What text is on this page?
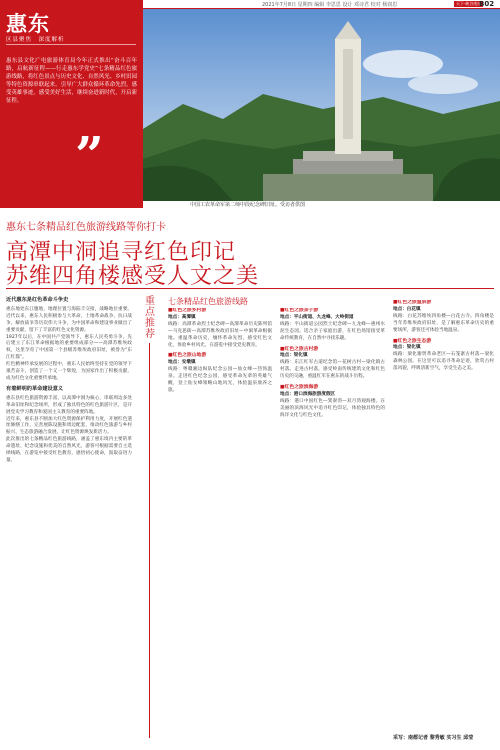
2021年7月8日 星期四 编辑 李思思 设计 邓诗君 校对 杨润思	天下·峡谷南部
B02
惠东
区县聚焦　深度解析
惠东县文化广电旅游体育局今年正式推出“奋斗百年路，启航新征程——行走惠东学党史”七条精品红色旅游线路，将红色景点与历史文化、自然风光、乡村田园等特色资源串联起来，引导广大群众循环革命先烈，感受英雄事迹，感受美好生活，继续奋进新时代，开启新征程。
”
中国工农革命军第二师中段纪念碑旧址。受访者供图
惠东七条精品红色旅游线路等你打卡
高潭中洞追寻红色印记
苏维四角楼感受人文之美
近代惠东是红色革命斗争史

惠东地处东江腹地，地理位置与海陆丰交接，战略地位重要。近代以来，惠东人民积极参与大革命、土地革命战争、抗日战争、解放战争等历次伟大斗争，为中国革命和建设事业做出了重要贡献，留下了丰富的红色文化资源。

1927年以后，在中国共产党领导下，惠东人民英勇斗争，先后建立了东江革命根据地的重要组成部分——高潭苏维埃政权，这里孕育了中国第一个县级苏维埃政府旧址，被誉为“东江红都”。

红色精神传承发展的过程中，惠东人民始终坚持在党的领导下艰苦奋斗，创造了一个又一个辉煌，为国家作出了积极贡献，成为红色文化重要传承地。

有着鲜明的革命建设意义

惠东县红色旅游资源丰富，以高潭中洞为核心，串联周边多处革命旧址和纪念场所，形成了独具特色的红色旅游片区，是开展党史学习教育和爱国主义教育的重要阵地。

近年来，惠东县不断加大红色资源保护利用力度，开展红色遗址修缮工作，完善展陈设施和周边配套，推动红色旅游与乡村振兴、生态旅游融合发展，让红色资源焕发新活力。

此次推出的七条精品红色旅游线路，涵盖了惠东境内主要的革命遗址、纪念设施和优美的自然风光，游客可根据需要自主选择线路，在游览中接受红色教育，感悟初心使命，汲取奋进力量。

重点推荐
七条精品红色旅游线路
■红色之旅乡村游
地点：高潭镇
线路：高潭革命烈士纪念碑—高潭革命历史陈列馆—马克思街—高潭苏维埃政府旧址—中洞革命根据地。重温革命历史，缅怀革命先烈，感受红色文化，体验乡村风光，在游览中接受党史教育。
■红色之旅山地游
地点：安墩镇
线路：粤赣湘边纵队纪念公园—仙女峰—热汤温泉。走进红色纪念公园，感受革命先辈的英雄气概，登上仙女峰领略山地风光，体验温泉康养之旅。
■红色之旅亲子游
地点：平山街道、九龙峰、大岭街道
线路：平山街道公园烈士纪念碑—九龙峰—惠州水泥生态园。适合亲子家庭出游，在红色场馆接受革命传统教育，在自然中寻找乐趣。
■红色之旅古村游
地点：梁化镇
线路：东江红军古道纪念馆—花树古村—梁化镇古村落。走进古村落，感受岭南传统建筑文化和红色历史的交融，重温红军在惠东的战斗历程。
■红色之旅滨海游
地点：港口滨海旅游度假区
线路：港口中国红色—巽寮湾—双月湾观海楼。在美丽的滨海风光中追寻红色印记，体验独具特色的海洋文化与红色文化。
■红色之旅温泉游
地点：白花镇
线路：白花苏维埃四角楼—白花古寺。四角楼是当年苏维埃政府旧址，是了解惠东革命历史的重要场所，游客还可体验当地温泉。
■红色之旅生态游
地点：梁化镇
线路：梁化谢贤革命老区—石笼寨古村落—梁化森林公园。在这里可以追寻革命足迹，欣赏古村落风貌，呼吸清新空气，享受生态之美。
采写：南都记者 黎秀敏 实习生 邱莹
